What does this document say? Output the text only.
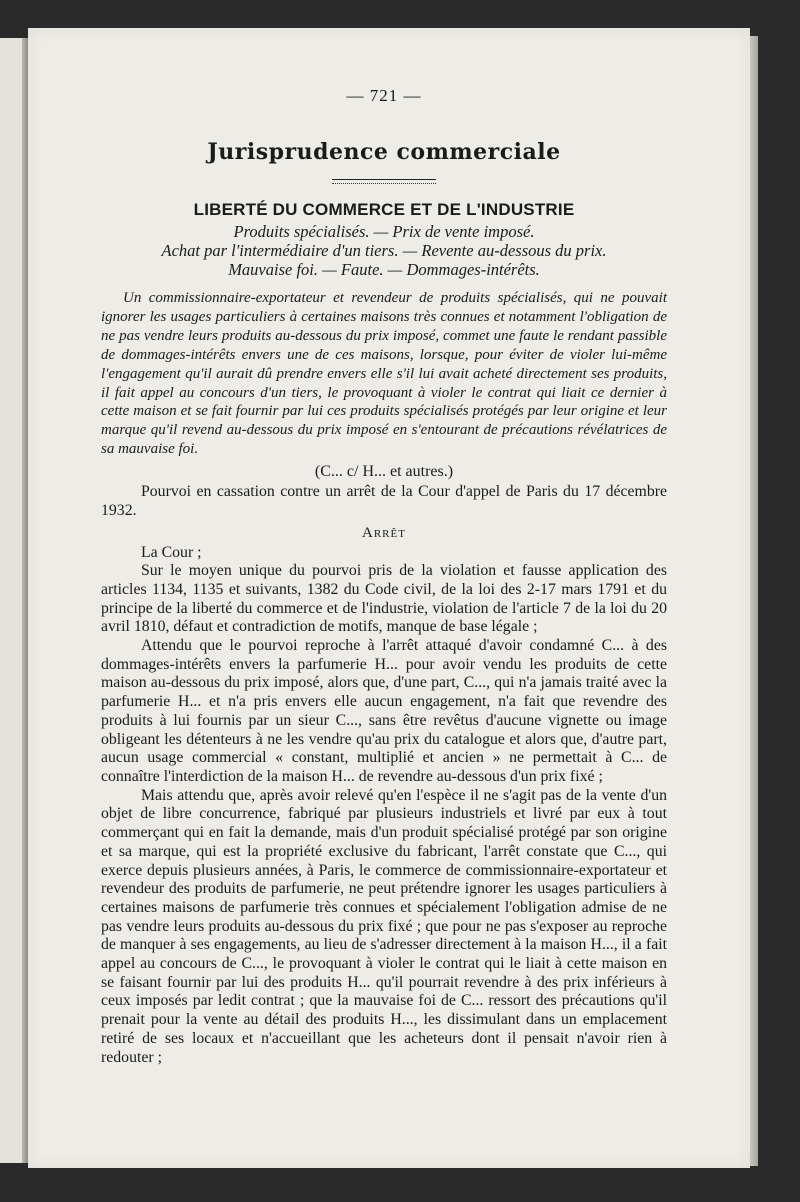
— 721 —

Jurisprudence commerciale
LIBERTÉ DU COMMERCE ET DE L'INDUSTRIE

Produits spécialisés. — Prix de vente imposé.

Achat par l'intermédiaire d'un tiers. — Revente au-dessous du prix.

Mauvaise foi. — Faute. — Dommages-intérêts.

Un commissionnaire-exportateur et revendeur de produits spécialisés, qui ne pouvait ignorer les usages particuliers à certaines maisons très connues et notamment l'obligation de ne pas vendre leurs produits au-dessous du prix imposé, commet une faute le rendant passible de dommages-intérêts envers une de ces maisons, lorsque, pour éviter de violer lui-même l'engagement qu'il aurait dû prendre envers elle s'il lui avait acheté directement ses produits, il fait appel au concours d'un tiers, le provoquant à violer le contrat qui liait ce dernier à cette maison et se fait fournir par lui ces produits spécialisés protégés par leur origine et leur marque qu'il revend au-dessous du prix imposé en s'entourant de précautions révélatrices de sa mauvaise foi.

(C... c/ H... et autres.)

Pourvoi en cassation contre un arrêt de la Cour d'appel de Paris du 17 décembre 1932.

Arrêt

La Cour ;

Sur le moyen unique du pourvoi pris de la violation et fausse application des articles 1134, 1135 et suivants, 1382 du Code civil, de la loi des 2-17 mars 1791 et du principe de la liberté du commerce et de l'industrie, violation de l'article 7 de la loi du 20 avril 1810, défaut et contradiction de motifs, manque de base légale ;

Attendu que le pourvoi reproche à l'arrêt attaqué d'avoir condamné C... à des dommages-intérêts envers la parfumerie H... pour avoir vendu les produits de cette maison au-dessous du prix imposé, alors que, d'une part, C..., qui n'a jamais traité avec la parfumerie H... et n'a pris envers elle aucun engagement, n'a fait que revendre des produits à lui fournis par un sieur C..., sans être revêtus d'aucune vignette ou image obligeant les détenteurs à ne les vendre qu'au prix du catalogue et alors que, d'autre part, aucun usage commercial « constant, multiplié et ancien » ne permettait à C... de connaître l'interdiction de la maison H... de revendre au-dessous d'un prix fixé ;

Mais attendu que, après avoir relevé qu'en l'espèce il ne s'agit pas de la vente d'un objet de libre concurrence, fabriqué par plusieurs industriels et livré par eux à tout commerçant qui en fait la demande, mais d'un produit spécialisé protégé par son origine et sa marque, qui est la propriété exclusive du fabricant, l'arrêt constate que C..., qui exerce depuis plusieurs années, à Paris, le commerce de commissionnaire-exportateur et revendeur des produits de parfumerie, ne peut prétendre ignorer les usages particuliers à certaines maisons de parfumerie très connues et spécialement l'obligation admise de ne pas vendre leurs produits au-dessous du prix fixé ; que pour ne pas s'exposer au reproche de manquer à ses engagements, au lieu de s'adresser directement à la maison H..., il a fait appel au concours de C..., le provoquant à violer le contrat qui le liait à cette maison en se faisant fournir par lui des produits H... qu'il pourrait revendre à des prix inférieurs à ceux imposés par ledit contrat ; que la mauvaise foi de C... ressort des précautions qu'il prenait pour la vente au détail des produits H..., les dissimulant dans un emplacement retiré de ses locaux et n'accueillant que les acheteurs dont il pensait n'avoir rien à redouter ;
